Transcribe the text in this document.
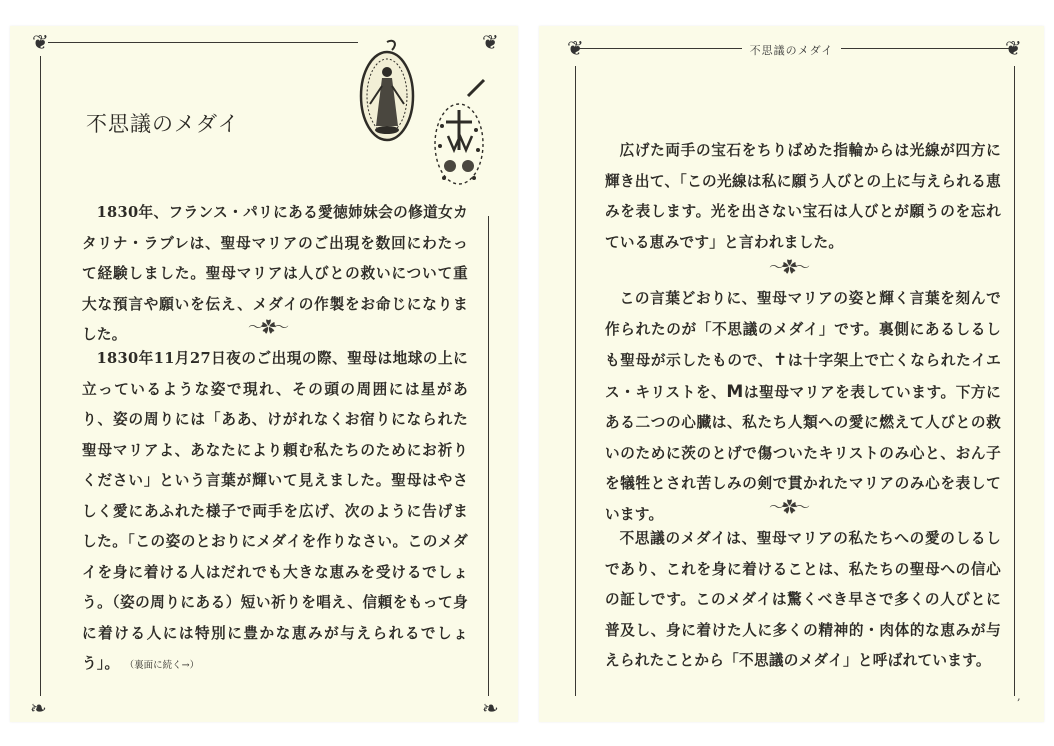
❦	❦
❧	❧
不思議のメダイ

1830年、フランス・パリにある愛徳姉妹会の修道女カタリナ・ラブレは、聖母マリアのご出現を数回にわたって経験しました。聖母マリアは人びとの救いについて重大な預言や願いを伝え、メダイの作製をお命じになりました。	～✿～

1830年11月27日夜のご出現の際、聖母は地球の上に立っているような姿で現れ、その頭の周囲には星があり、姿の周りには「ああ、けがれなくお宿りになられた聖母マリアよ、あなたにより頼む私たちのためにお祈りください」という言葉が輝いて見えました。聖母はやさしく愛にあふれた様子で両手を広げ、次のように告げました。「この姿のとおりにメダイを作りなさい。このメダイを身に着ける人はだれでも大きな恵みを受けるでしょう。（姿の周りにある）短い祈りを唱え、信頼をもって身に着ける人には特別に豊かな恵みが与えられるでしょう」。 （裏面に続く→）

不思議のメダイ
❦	❦
‚

広げた両手の宝石をちりばめた指輪からは光線が四方に輝き出て、「この光線は私に願う人びとの上に与えられる恵みを表します。光を出さない宝石は人びとが願うのを忘れている恵みです」と言われました。

～✿～

この言葉どおりに、聖母マリアの姿と輝く言葉を刻んで作られたのが「不思議のメダイ」です。裏側にあるしるしも聖母が示したもので、✝は十字架上で亡くなられたイエス・キリストを、Mは聖母マリアを表しています。下方にある二つの心臓は、私たち人類への愛に燃えて人びとの救いのために茨のとげで傷ついたキリストのみ心と、おん子を犠牲とされ苦しみの剣で貫かれたマリアのみ心を表しています。	～✿～

不思議のメダイは、聖母マリアの私たちへの愛のしるしであり、これを身に着けることは、私たちの聖母への信心の証しです。このメダイは驚くべき早さで多くの人びとに普及し、身に着けた人に多くの精神的・肉体的な恵みが与えられたことから「不思議のメダイ」と呼ばれています。
